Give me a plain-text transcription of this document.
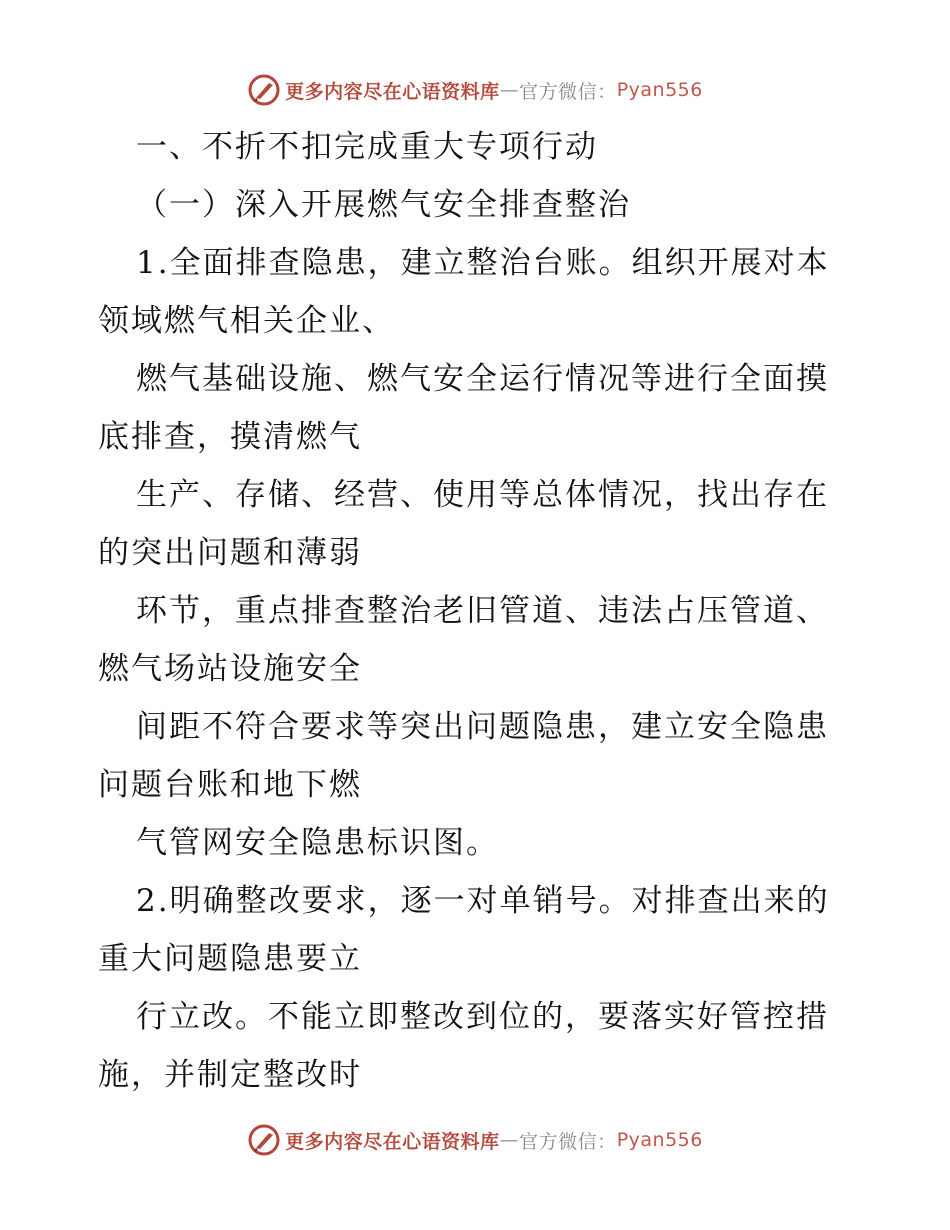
更多内容尽在心语资料库 — 官方微信： Pyan556
一、不折不扣完成重大专项行动
（一）深入开展燃气安全排查整治
1.全面排查隐患，建立整治台账。组织开展对本
领域燃气相关企业、
燃气基础设施、燃气安全运行情况等进行全面摸
底排查，摸清燃气
生产、存储、经营、使用等总体情况，找出存在
的突出问题和薄弱
环节，重点排查整治老旧管道、违法占压管道、
燃气场站设施安全
间距不符合要求等突出问题隐患，建立安全隐患
问题台账和地下燃
气管网安全隐患标识图。
2.明确整改要求，逐一对单销号。对排查出来的
重大问题隐患要立
行立改。不能立即整改到位的，要落实好管控措
施，并制定整改时
更多内容尽在心语资料库 — 官方微信： Pyan556
